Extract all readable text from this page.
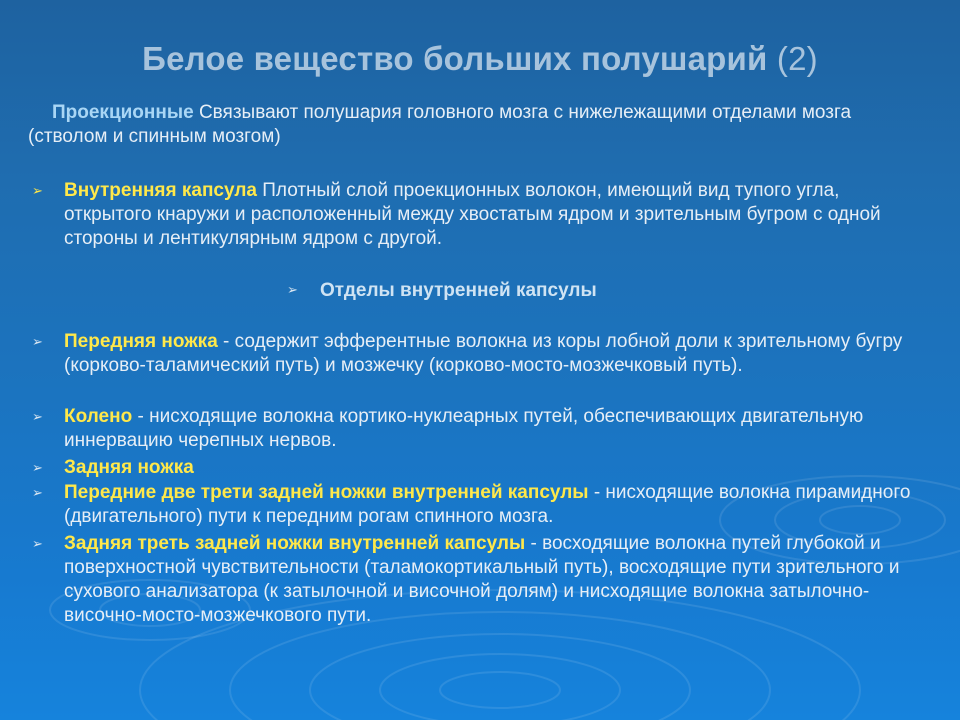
Белое вещество больших полушарий (2)
Проекционные Связывают полушария головного мозга с нижележащими отделами мозга (стволом и спинным мозгом)
➢ Внутренняя капсула Плотный слой проекционных волокон, имеющий вид тупого угла, открытого кнаружи и расположенный между хвостатым ядром и зрительным бугром с одной стороны и лентикулярным ядром с другой.
➢ Отделы внутренней капсулы
➢ Передняя ножка - содержит эфферентные волокна из коры лобной доли к зрительному бугру (корково-таламический путь) и мозжечку (корково-мосто-мозжечковый путь).
➢ Колено - нисходящие волокна кортико-нуклеарных путей, обеспечивающих двигательную иннервацию черепных нервов.
➢ Задняя ножка
➢ Передние две трети задней ножки внутренней капсулы - нисходящие волокна пирамидного (двигательного) пути к передним рогам спинного мозга.
➢ Задняя треть задней ножки внутренней капсулы - восходящие волокна путей глубокой и поверхностной чувствительности (таламокортикальный путь), восходящие пути зрительного и сухового анализатора (к затылочной и височной долям) и нисходящие волокна затылочно-височно-мосто-мозжечкового пути.
